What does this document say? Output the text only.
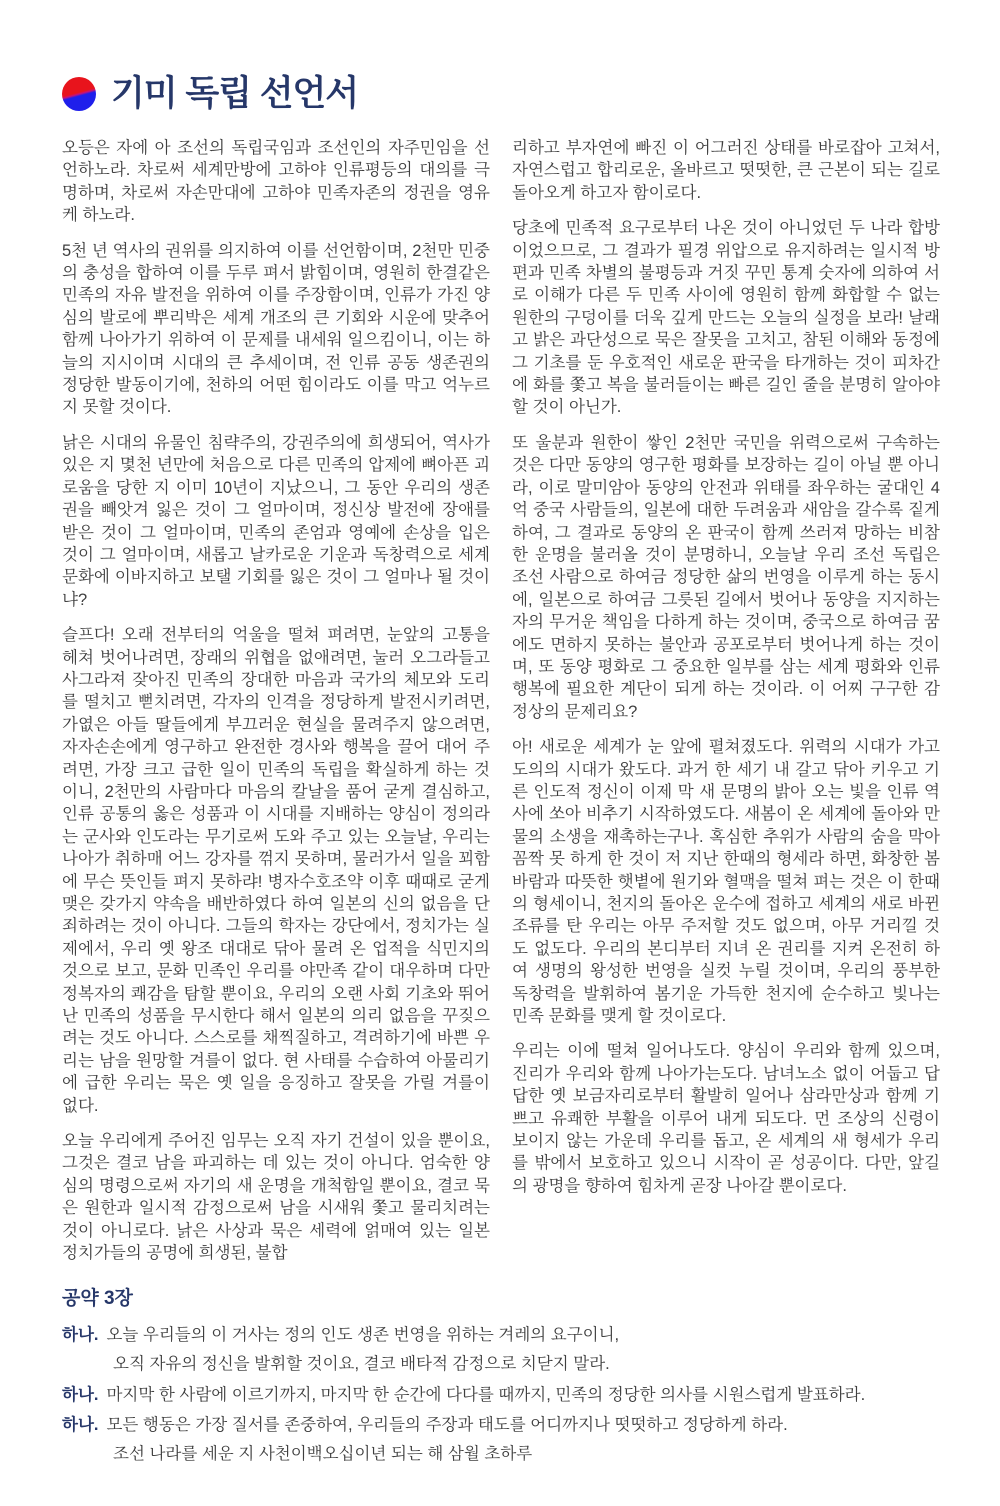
기미 독립 선언서

오등은 자에 아 조선의 독립국임과 조선인의 자주민임을 선언하노라. 차로써 세계만방에 고하야 인류평등의 대의를 극명하며, 차로써 자손만대에 고하야 민족자존의 정권을 영유케 하노라.

5천 년 역사의 권위를 의지하여 이를 선언함이며, 2천만 민중의 충성을 합하여 이를 두루 펴서 밝힘이며, 영원히 한결같은 민족의 자유 발전을 위하여 이를 주장함이며, 인류가 가진 양심의 발로에 뿌리박은 세계 개조의 큰 기회와 시운에 맞추어 함께 나아가기 위하여 이 문제를 내세워 일으킴이니, 이는 하늘의 지시이며 시대의 큰 추세이며, 전 인류 공동 생존권의 정당한 발동이기에, 천하의 어떤 힘이라도 이를 막고 억누르지 못할 것이다.

낡은 시대의 유물인 침략주의, 강권주의에 희생되어, 역사가 있은 지 몇천 년만에 처음으로 다른 민족의 압제에 뼈아픈 괴로움을 당한 지 이미 10년이 지났으니, 그 동안 우리의 생존권을 빼앗겨 잃은 것이 그 얼마이며, 정신상 발전에 장애를 받은 것이 그 얼마이며, 민족의 존엄과 영예에 손상을 입은 것이 그 얼마이며, 새롭고 날카로운 기운과 독창력으로 세계 문화에 이바지하고 보탤 기회를 잃은 것이 그 얼마나 될 것이냐?

슬프다! 오래 전부터의 억울을 떨쳐 펴려면, 눈앞의 고통을 헤쳐 벗어나려면, 장래의 위협을 없애려면, 눌러 오그라들고 사그라져 잦아진 민족의 장대한 마음과 국가의 체모와 도리를 떨치고 뻗치려면, 각자의 인격을 정당하게 발전시키려면, 가엾은 아들 딸들에게 부끄러운 현실을 물려주지 않으려면, 자자손손에게 영구하고 완전한 경사와 행복을 끌어 대어 주려면, 가장 크고 급한 일이 민족의 독립을 확실하게 하는 것이니, 2천만의 사람마다 마음의 칼날을 품어 굳게 결심하고, 인류 공통의 옳은 성품과 이 시대를 지배하는 양심이 정의라는 군사와 인도라는 무기로써 도와 주고 있는 오늘날, 우리는 나아가 취하매 어느 강자를 꺾지 못하며, 물러가서 일을 꾀함에 무슨 뜻인들 펴지 못하랴! 병자수호조약 이후 때때로 굳게 맺은 갖가지 약속을 배반하였다 하여 일본의 신의 없음을 단죄하려는 것이 아니다. 그들의 학자는 강단에서, 정치가는 실제에서, 우리 옛 왕조 대대로 닦아 물려 온 업적을 식민지의 것으로 보고, 문화 민족인 우리를 야만족 같이 대우하며 다만 정복자의 쾌감을 탐할 뿐이요, 우리의 오랜 사회 기초와 뛰어난 민족의 성품을 무시한다 해서 일본의 의리 없음을 꾸짖으려는 것도 아니다. 스스로를 채찍질하고, 격려하기에 바쁜 우리는 남을 원망할 겨를이 없다. 현 사태를 수습하여 아물리기에 급한 우리는 묵은 옛 일을 응징하고 잘못을 가릴 겨를이 없다.

오늘 우리에게 주어진 임무는 오직 자기 건설이 있을 뿐이요, 그것은 결코 남을 파괴하는 데 있는 것이 아니다. 엄숙한 양심의 명령으로써 자기의 새 운명을 개척함일 뿐이요, 결코 묵은 원한과 일시적 감정으로써 남을 시새워 쫓고 물리치려는 것이 아니로다. 낡은 사상과 묵은 세력에 얽매여 있는 일본 정치가들의 공명에 희생된, 불합

리하고 부자연에 빠진 이 어그러진 상태를 바로잡아 고쳐서, 자연스럽고 합리로운, 올바르고 떳떳한, 큰 근본이 되는 길로 돌아오게 하고자 함이로다.

당초에 민족적 요구로부터 나온 것이 아니었던 두 나라 합방이었으므로, 그 결과가 필경 위압으로 유지하려는 일시적 방편과 민족 차별의 불평등과 거짓 꾸민 통계 숫자에 의하여 서로 이해가 다른 두 민족 사이에 영원히 함께 화합할 수 없는 원한의 구덩이를 더욱 깊게 만드는 오늘의 실정을 보라! 날래고 밝은 과단성으로 묵은 잘못을 고치고, 참된 이해와 동정에 그 기초를 둔 우호적인 새로운 판국을 타개하는 것이 피차간에 화를 쫓고 복을 불러들이는 빠른 길인 줄을 분명히 알아야 할 것이 아닌가.

또 울분과 원한이 쌓인 2천만 국민을 위력으로써 구속하는 것은 다만 동양의 영구한 평화를 보장하는 길이 아닐 뿐 아니라, 이로 말미암아 동양의 안전과 위태를 좌우하는 굴대인 4억 중국 사람들의, 일본에 대한 두려움과 새암을 갈수록 짙게 하여, 그 결과로 동양의 온 판국이 함께 쓰러져 망하는 비참한 운명을 불러올 것이 분명하니, 오늘날 우리 조선 독립은 조선 사람으로 하여금 정당한 삶의 번영을 이루게 하는 동시에, 일본으로 하여금 그릇된 길에서 벗어나 동양을 지지하는 자의 무거운 책임을 다하게 하는 것이며, 중국으로 하여금 꿈에도 면하지 못하는 불안과 공포로부터 벗어나게 하는 것이며, 또 동양 평화로 그 중요한 일부를 삼는 세계 평화와 인류 행복에 필요한 계단이 되게 하는 것이라. 이 어찌 구구한 감정상의 문제리요?

아! 새로운 세계가 눈 앞에 펼쳐졌도다. 위력의 시대가 가고 도의의 시대가 왔도다. 과거 한 세기 내 갈고 닦아 키우고 기른 인도적 정신이 이제 막 새 문명의 밝아 오는 빛을 인류 역사에 쏘아 비추기 시작하였도다. 새봄이 온 세계에 돌아와 만물의 소생을 재촉하는구나. 혹심한 추위가 사람의 숨을 막아 꼼짝 못 하게 한 것이 저 지난 한때의 형세라 하면, 화창한 봄바람과 따뜻한 햇볕에 원기와 혈맥을 떨쳐 펴는 것은 이 한때의 형세이니, 천지의 돌아온 운수에 접하고 세계의 새로 바뀐 조류를 탄 우리는 아무 주저할 것도 없으며, 아무 거리낄 것도 없도다. 우리의 본디부터 지녀 온 권리를 지켜 온전히 하여 생명의 왕성한 번영을 실컷 누릴 것이며, 우리의 풍부한 독창력을 발휘하여 봄기운 가득한 천지에 순수하고 빛나는 민족 문화를 맺게 할 것이로다.

우리는 이에 떨쳐 일어나도다. 양심이 우리와 함께 있으며, 진리가 우리와 함께 나아가는도다. 남녀노소 없이 어둡고 답답한 옛 보금자리로부터 활발히 일어나 삼라만상과 함께 기쁘고 유쾌한 부활을 이루어 내게 되도다. 먼 조상의 신령이 보이지 않는 가운데 우리를 돕고, 온 세계의 새 형세가 우리를 밖에서 보호하고 있으니 시작이 곧 성공이다. 다만, 앞길의 광명을 향하여 힘차게 곧장 나아갈 뿐이로다.

공약 3장
하나. 오늘 우리들의 이 거사는 정의 인도 생존 번영을 위하는 겨레의 요구이니,
오직 자유의 정신을 발휘할 것이요, 결코 배타적 감정으로 치닫지 말라.
하나. 마지막 한 사람에 이르기까지, 마지막 한 순간에 다다를 때까지, 민족의 정당한 의사를 시원스럽게 발표하라.
하나. 모든 행동은 가장 질서를 존중하여, 우리들의 주장과 태도를 어디까지나 떳떳하고 정당하게 하라.
조선 나라를 세운 지 사천이백오십이년 되는 해 삼월 초하루
